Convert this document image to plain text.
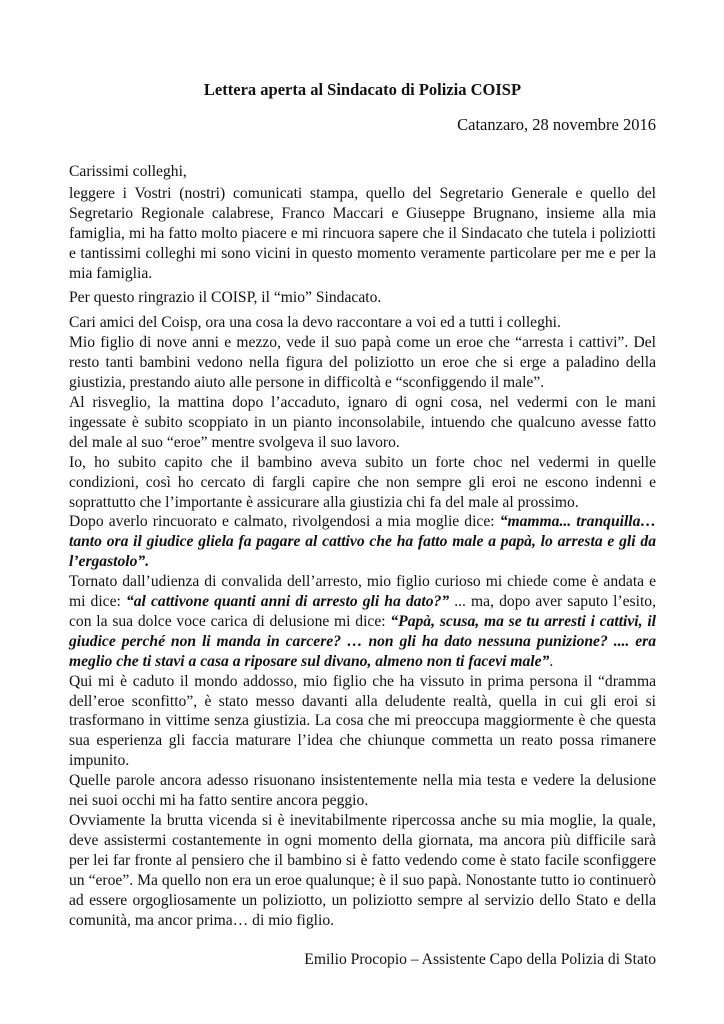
Lettera aperta al Sindacato di Polizia COISP
Catanzaro, 28 novembre 2016

Carissimi colleghi,

leggere i Vostri (nostri) comunicati stampa, quello del Segretario Generale e quello del Segretario Regionale calabrese, Franco Maccari e Giuseppe Brugnano, insieme alla mia famiglia, mi ha fatto molto piacere e mi rincuora sapere che il Sindacato che tutela i poliziotti e tantissimi colleghi mi sono vicini in questo momento veramente particolare per me e per la mia famiglia.

Per questo ringrazio il COISP, il “mio” Sindacato.

Cari amici del Coisp, ora una cosa la devo raccontare a voi ed a tutti i colleghi.

Mio figlio di nove anni e mezzo, vede il suo papà come un eroe che “arresta i cattivi”. Del resto tanti bambini vedono nella figura del poliziotto un eroe che si erge a paladino della giustizia, prestando aiuto alle persone in difficoltà e “sconfiggendo il male”.

Al risveglio, la mattina dopo l’accaduto, ignaro di ogni cosa, nel vedermi con le mani ingessate è subito scoppiato in un pianto inconsolabile, intuendo che qualcuno avesse fatto del male al suo “eroe” mentre svolgeva il suo lavoro.

Io, ho subito capito che il bambino aveva subito un forte choc nel vedermi in quelle condizioni, così ho cercato di fargli capire che non sempre gli eroi ne escono indenni e soprattutto che l’importante è assicurare alla giustizia chi fa del male al prossimo.

Dopo averlo rincuorato e calmato, rivolgendosi a mia moglie dice: “mamma... tranquilla… tanto ora il giudice gliela fa pagare al cattivo che ha fatto male a papà, lo arresta e gli da l’ergastolo”.

Tornato dall’udienza di convalida dell’arresto, mio figlio curioso mi chiede come è andata e mi dice: “al cattivone quanti anni di arresto gli ha dato?” ... ma, dopo aver saputo l’esito, con la sua dolce voce carica di delusione mi dice: “Papà, scusa, ma se tu arresti i cattivi, il giudice perché non li manda in carcere? … non gli ha dato nessuna punizione? .... era meglio che ti stavi a casa a riposare sul divano, almeno non ti facevi male”.

Qui mi è caduto il mondo addosso, mio figlio che ha vissuto in prima persona il “dramma dell’eroe sconfitto”, è stato messo davanti alla deludente realtà, quella in cui gli eroi si trasformano in vittime senza giustizia. La cosa che mi preoccupa maggiormente è che questa sua esperienza gli faccia maturare l’idea che chiunque commetta un reato possa rimanere impunito.

Quelle parole ancora adesso risuonano insistentemente nella mia testa e vedere la delusione nei suoi occhi mi ha fatto sentire ancora peggio.

Ovviamente la brutta vicenda si è inevitabilmente ripercossa anche su mia moglie, la quale, deve assistermi costantemente in ogni momento della giornata, ma ancora più difficile sarà per lei far fronte al pensiero che il bambino si è fatto vedendo come è stato facile sconfiggere un “eroe”. Ma quello non era un eroe qualunque; è il suo papà. Nonostante tutto io continuerò ad essere orgogliosamente un poliziotto, un poliziotto sempre al servizio dello Stato e della comunità, ma ancor prima… di mio figlio.

Emilio Procopio – Assistente Capo della Polizia di Stato
